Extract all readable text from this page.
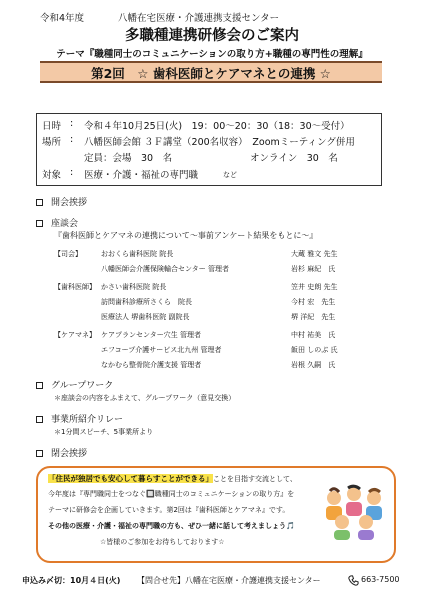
令和4年度	八幡在宅医療・介護連携支援センター
多職種連携研修会のご案内
テーマ『職種同士のコミュニケーションの取り方+職種の専門性の理解』
第2回　☆ 歯科医師とケアマネとの連携 ☆
日時 : 令和４年10月25日(火)　19：00～20：30（18：30～受付）
場所 : 八幡医師会館 ３Ｆ講堂（200名収容）　Zoomミーティング併用
定員：会場　30　名	オンライン　30　名
対象 : 医療・介護・福祉の専門職	など
開会挨拶
座談会
『歯科医師とケアマネの連携について～事前アンケート結果をもとに～』
【司会】	おおくら歯科医院 院長	大蔵 雅文 先生
八幡医師会介護保険輸合センター 管理者	岩杉 麻紀　氏
【歯科医師】 かさい歯科医院 院長	笠井 史朗 先生
訪問歯科診療所さくら　院長	今村 宏　先生
医療法人 堺歯科医院 副院長	堺 洋紀　先生
【ケアマネ】 ケアプランセンター穴生 管理者	中村 祐美　氏
エフコープ介護サービス北九州 管理者	飯田 しのぶ 氏
なかむら整骨院介護支援 管理者	岩根 久嗣　氏
グループワーク
＊座談会の内容をふまえて、グループワーク（意見交換）
事業所紹介リレー
＊1分間スピーチ、5事業所より
閉会挨拶
「住民が独居でも安心して暮らすことができる」ことを目指す交流として、
今年度は『専門職同士をつなぐ🔲職種同士のコミュニケーションの取り方』を
テーマに研修会を企画していきます。第2回は『歯科医師とケアマネ』です。
その他の医療・介護・福祉の専門職の方も、ぜひ一緒に話して考えましょう🎵
☆皆様のご参加をお待ちしております☆
申込み〆切：10月４日(火) 【問合せ先】八幡在宅医療・介護連携支援センター	663-7500
